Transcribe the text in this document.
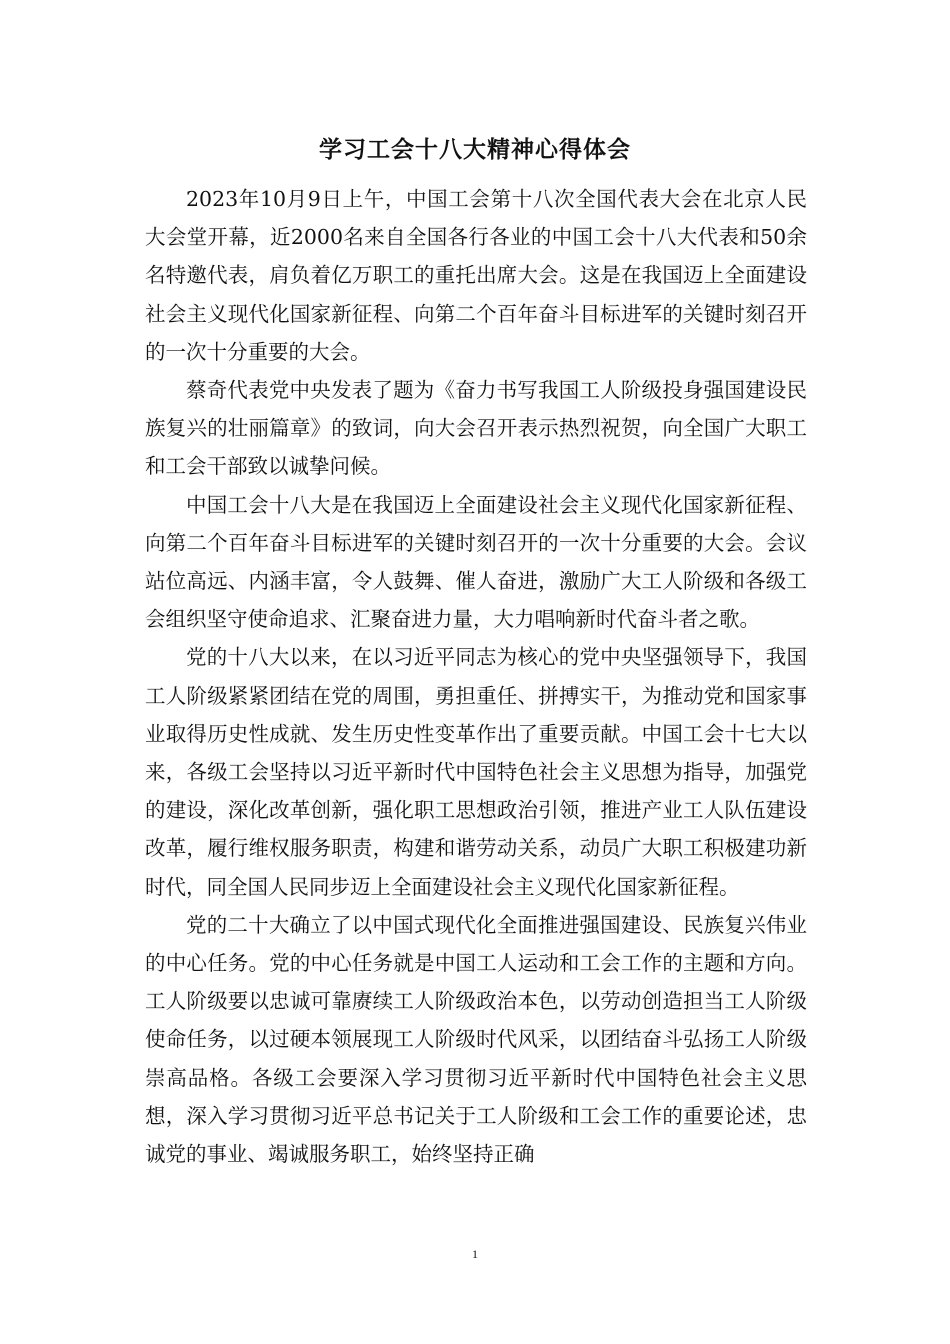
学习工会十八大精神心得体会

2023年10月9日上午，中国工会第十八次全国代表大会在北京人民大会堂开幕，近2000名来自全国各行各业的中国工会十八大代表和50余名特邀代表，肩负着亿万职工的重托出席大会。这是在我国迈上全面建设社会主义现代化国家新征程、向第二个百年奋斗目标进军的关键时刻召开的一次十分重要的大会。

蔡奇代表党中央发表了题为《奋力书写我国工人阶级投身强国建设民族复兴的壮丽篇章》的致词，向大会召开表示热烈祝贺，向全国广大职工和工会干部致以诚挚问候。

中国工会十八大是在我国迈上全面建设社会主义现代化国家新征程、向第二个百年奋斗目标进军的关键时刻召开的一次十分重要的大会。会议站位高远、内涵丰富，令人鼓舞、催人奋进，激励广大工人阶级和各级工会组织坚守使命追求、汇聚奋进力量，大力唱响新时代奋斗者之歌。

党的十八大以来，在以习近平同志为核心的党中央坚强领导下，我国工人阶级紧紧团结在党的周围，勇担重任、拼搏实干，为推动党和国家事业取得历史性成就、发生历史性变革作出了重要贡献。中国工会十七大以来，各级工会坚持以习近平新时代中国特色社会主义思想为指导，加强党的建设，深化改革创新，强化职工思想政治引领，推进产业工人队伍建设改革，履行维权服务职责，构建和谐劳动关系，动员广大职工积极建功新时代，同全国人民同步迈上全面建设社会主义现代化国家新征程。

党的二十大确立了以中国式现代化全面推进强国建设、民族复兴伟业的中心任务。党的中心任务就是中国工人运动和工会工作的主题和方向。工人阶级要以忠诚可靠赓续工人阶级政治本色，以劳动创造担当工人阶级使命任务，以过硬本领展现工人阶级时代风采，以团结奋斗弘扬工人阶级崇高品格。各级工会要深入学习贯彻习近平新时代中国特色社会主义思想，深入学习贯彻习近平总书记关于工人阶级和工会工作的重要论述，忠诚党的事业、竭诚服务职工，始终坚持正确

1
